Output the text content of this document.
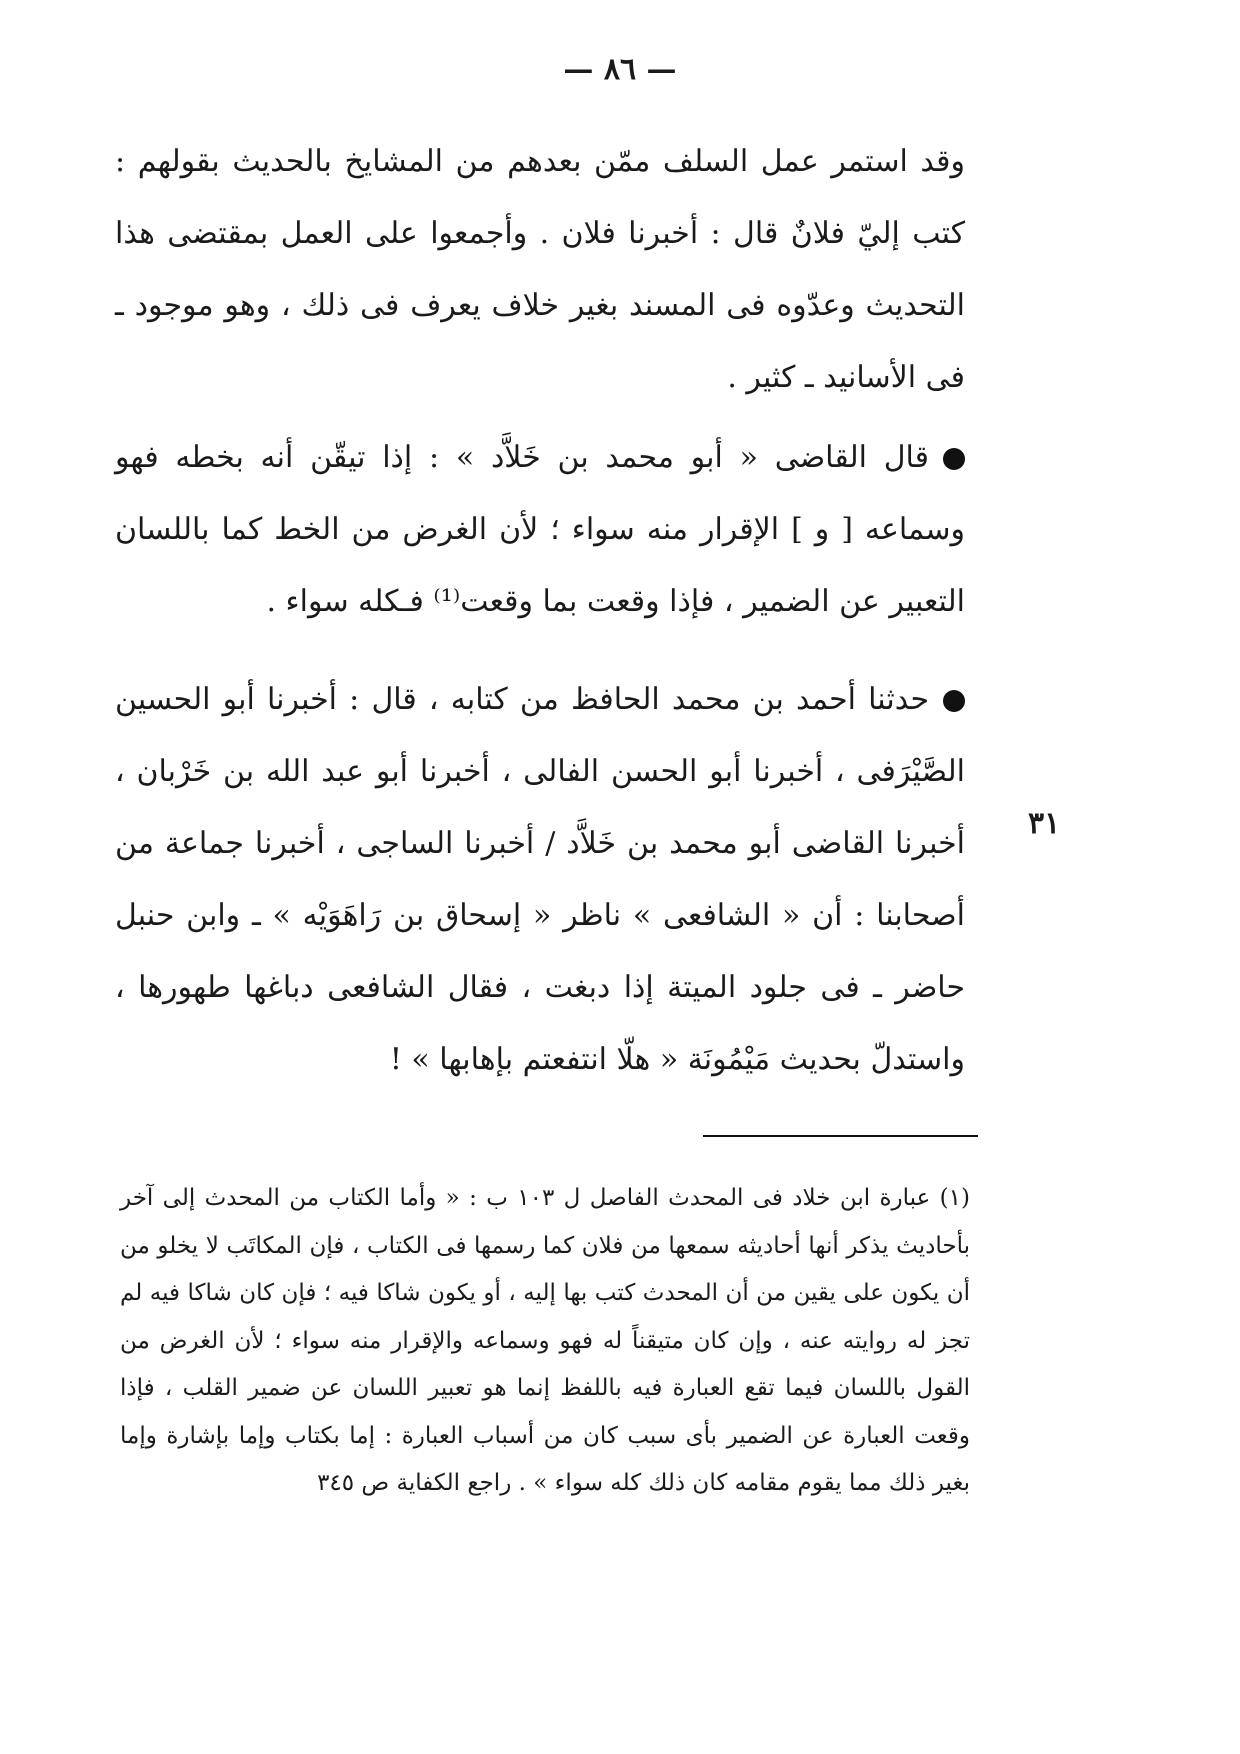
— ٨٦ —

وقد استمر عمل السلف ممّن بعدهم من المشايخ بالحديث بقولهم : كتب إليّ فلانٌ قال : أخبرنا فلان . وأجمعوا على العمل بمقتضى هذا التحديث وعدّوه فى المسند بغير خلاف يعرف فى ذلك ، وهو موجود ـ فى الأسانيد ـ كثير .

قال القاضى « أبو محمد بن خَلاَّد » : إذا تيقّن أنه بخطه فهو وسماعه [ و ] الإقرار منه سواء ؛ لأن الغرض من الخط كما باللسان التعبير عن الضمير ، فإذا وقعت بما وقعت⁽¹⁾ فـكله سواء .

حدثنا أحمد بن محمد الحافظ من كتابه ، قال : أخبرنا أبو الحسين الصَّيْرَفى ، أخبرنا أبو الحسن الفالى ، أخبرنا أبو عبد الله بن خَرْبان ، أخبرنا القاضى أبو محمد بن خَلاَّد / أخبرنا الساجى ، أخبرنا جماعة من أصحابنا : أن « الشافعى » ناظر « إسحاق بن رَاهَوَيْه » ـ وابن حنبل حاضر ـ فى جلود الميتة إذا دبغت ، فقال الشافعى دباغها طهورها ، واستدلّ بحديث مَيْمُونَة « هلّا انتفعتم بإهابها » !

٣١

(١) عبارة ابن خلاد فى المحدث الفاصل ل ١٠٣ ب : « وأما الكتاب من المحدث إلى آخر بأحاديث يذكر أنها أحاديثه سمعها من فلان كما رسمها فى الكتاب ، فإن المكاتَب لا يخلو من أن يكون على يقين من أن المحدث كتب بها إليه ، أو يكون شاكا فيه ؛ فإن كان شاكا فيه لم تجز له روايته عنه ، وإن كان متيقناً له فهو وسماعه والإقرار منه سواء ؛ لأن الغرض من القول باللسان فيما تقع العبارة فيه باللفظ إنما هو تعبير اللسان عن ضمير القلب ، فإذا وقعت العبارة عن الضمير بأى سبب كان من أسباب العبارة : إما بكتاب وإما بإشارة وإما بغير ذلك مما يقوم مقامه كان ذلك كله سواء » . راجع الكفاية ص ٣٤٥
